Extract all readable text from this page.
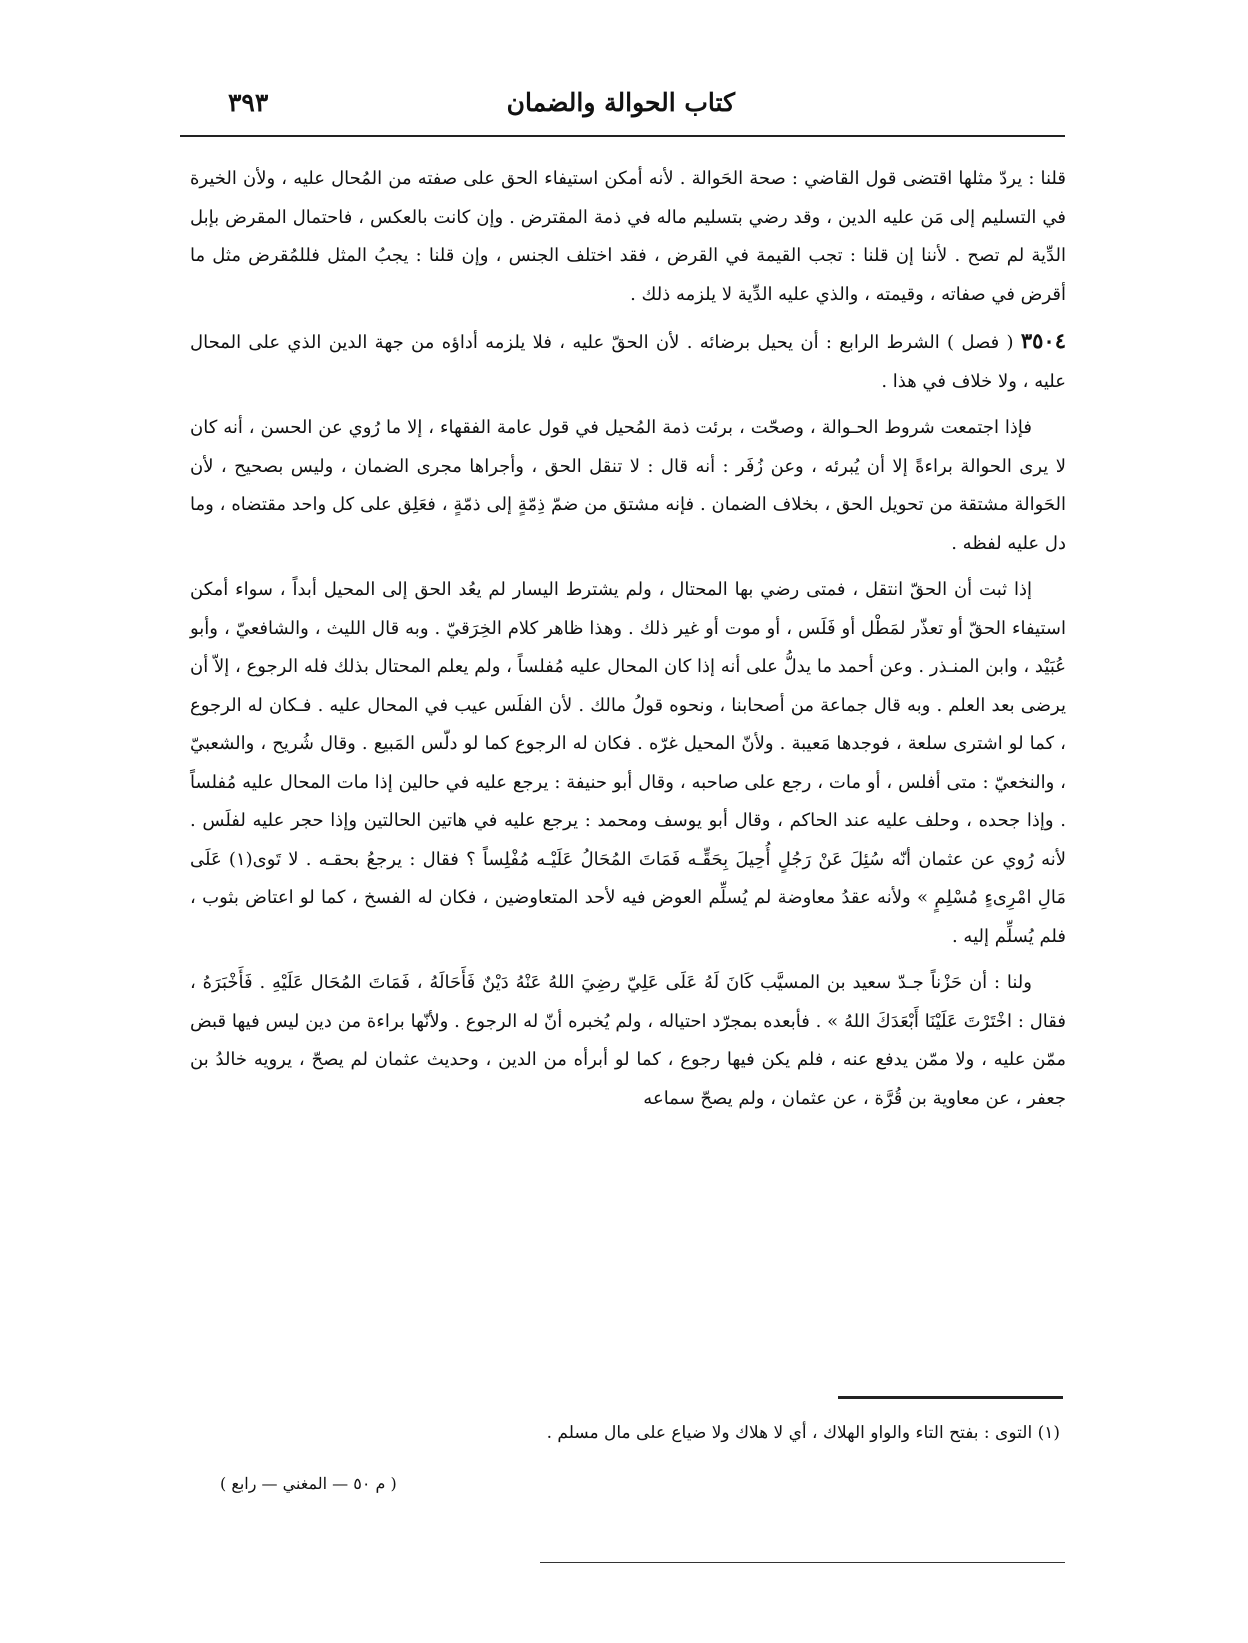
كتاب الحوالة والضمان
٣٩٣

قلنا : يردّ مثلها اقتضى قول القاضي : صحة الحَوالة . لأنه أمكن استيفاء الحق على صفته من المُحال عليه ، ولأن الخيرة في التسليم إلى مَن عليه الدين ، وقد رضي بتسليم ماله في ذمة المقترض . وإن كانت بالعكس ، فاحتمال المقرض بإبل الدِّية لم تصح . لأننا إن قلنا : تجب القيمة في القرض ، فقد اختلف الجنس ، وإن قلنا : يجبُ المثل فللمُقرض مثل ما أقرض في صفاته ، وقيمته ، والذي عليه الدِّية لا يلزمه ذلك .

٣٥٠٤ ( فصل ) الشرط الرابع : أن يحيل برضائه . لأن الحقّ عليه ، فلا يلزمه أداؤه من جهة الدين الذي على المحال عليه ، ولا خلاف في هذا .

فإذا اجتمعت شروط الحـوالة ، وصحّت ، برئت ذمة المُحيل في قول عامة الفقهاء ، إلا ما رُوي عن الحسن ، أنه كان لا يرى الحوالة براءةً إلا أن يُبرئه ، وعن زُفَر : أنه قال : لا تنقل الحق ، وأجراها مجرى الضمان ، وليس بصحيح ، لأن الحَوالة مشتقة من تحويل الحق ، بخلاف الضمان . فإنه مشتق من ضمّ ذِمّةٍ إلى ذمّةٍ ، فعَلِق على كل واحد مقتضاه ، وما دل عليه لفظه .

إذا ثبت أن الحقّ انتقل ، فمتى رضي بها المحتال ، ولم يشترط اليسار لم يعُد الحق إلى المحيل أبداً ، سواء أمكن استيفاء الحقّ أو تعذّر لمَطْل أو فَلَس ، أو موت أو غير ذلك . وهذا ظاهر كلام الخِرَقيّ . وبه قال الليث ، والشافعيّ ، وأبو عُبَيْد ، وابن المنـذر . وعن أحمد ما يدلُّ على أنه إذا كان المحال عليه مُفلساً ، ولم يعلم المحتال بذلك فله الرجوع ، إلاّ أن يرضى بعد العلم . وبه قال جماعة من أصحابنا ، ونحوه قولُ مالك . لأن الفلَس عيب في المحال عليه . فـكان له الرجوع ، كما لو اشترى سلعة ، فوجدها مَعيبة . ولأنّ المحيل غرّه . فكان له الرجوع كما لو دلّس المَبيع . وقال شُريح ، والشعبيّ ، والنخعيّ : متى أفلس ، أو مات ، رجع على صاحبه ، وقال أبو حنيفة : يرجع عليه في حالين إذا مات المحال عليه مُفلساً . وإذا جحده ، وحلف عليه عند الحاكم ، وقال أبو يوسف ومحمد : يرجع عليه في هاتين الحالتين وإذا حجر عليه لفلَس . لأنه رُوي عن عثمان أنّه سُئِلَ عَنْ رَجُلٍ أُحِيلَ بِحَقِّـه فَمَاتَ المُحَالُ عَلَيْـه مُفْلِساً ؟ فقال : يرجعُ بحقـه . لا تَوى(١) عَلَى مَالِ امْرِىءٍ مُسْلِمٍ » ولأنه عقدُ معاوضة لم يُسلِّم العوض فيه لأحد المتعاوضين ، فكان له الفسخ ، كما لو اعتاض بثوب ، فلم يُسلِّم إليه .

ولنا : أن حَزْناً جـدّ سعيد بن المسيَّب كَانَ لَهُ عَلَى عَلِيّ رضِيَ اللهُ عَنْهُ دَيْنٌ فَأَحَالَهُ ، فَمَاتَ المُحَال عَلَيْهِ . فَأَخْبَرَهُ ، فقال : اخْتَرْتَ عَلَيْنَا أَبْعَدَكَ اللهُ » . فأبعده بمجرّد احتياله ، ولم يُخبره أنّ له الرجوع . ولأنّها براءة من دين ليس فيها قبض ممّن عليه ، ولا ممّن يدفع عنه ، فلم يكن فيها رجوع ، كما لو أبرأه من الدين ، وحديث عثمان لم يصحّ ، يرويه خالدُ بن جعفر ، عن معاوية بن قُرَّة ، عن عثمان ، ولم يصحّ سماعه

(١) التوى : بفتح التاء والواو الهلاك ، أي لا هلاك ولا ضياع على مال مسلم .
( م ٥٠ — المغني — رابع )
